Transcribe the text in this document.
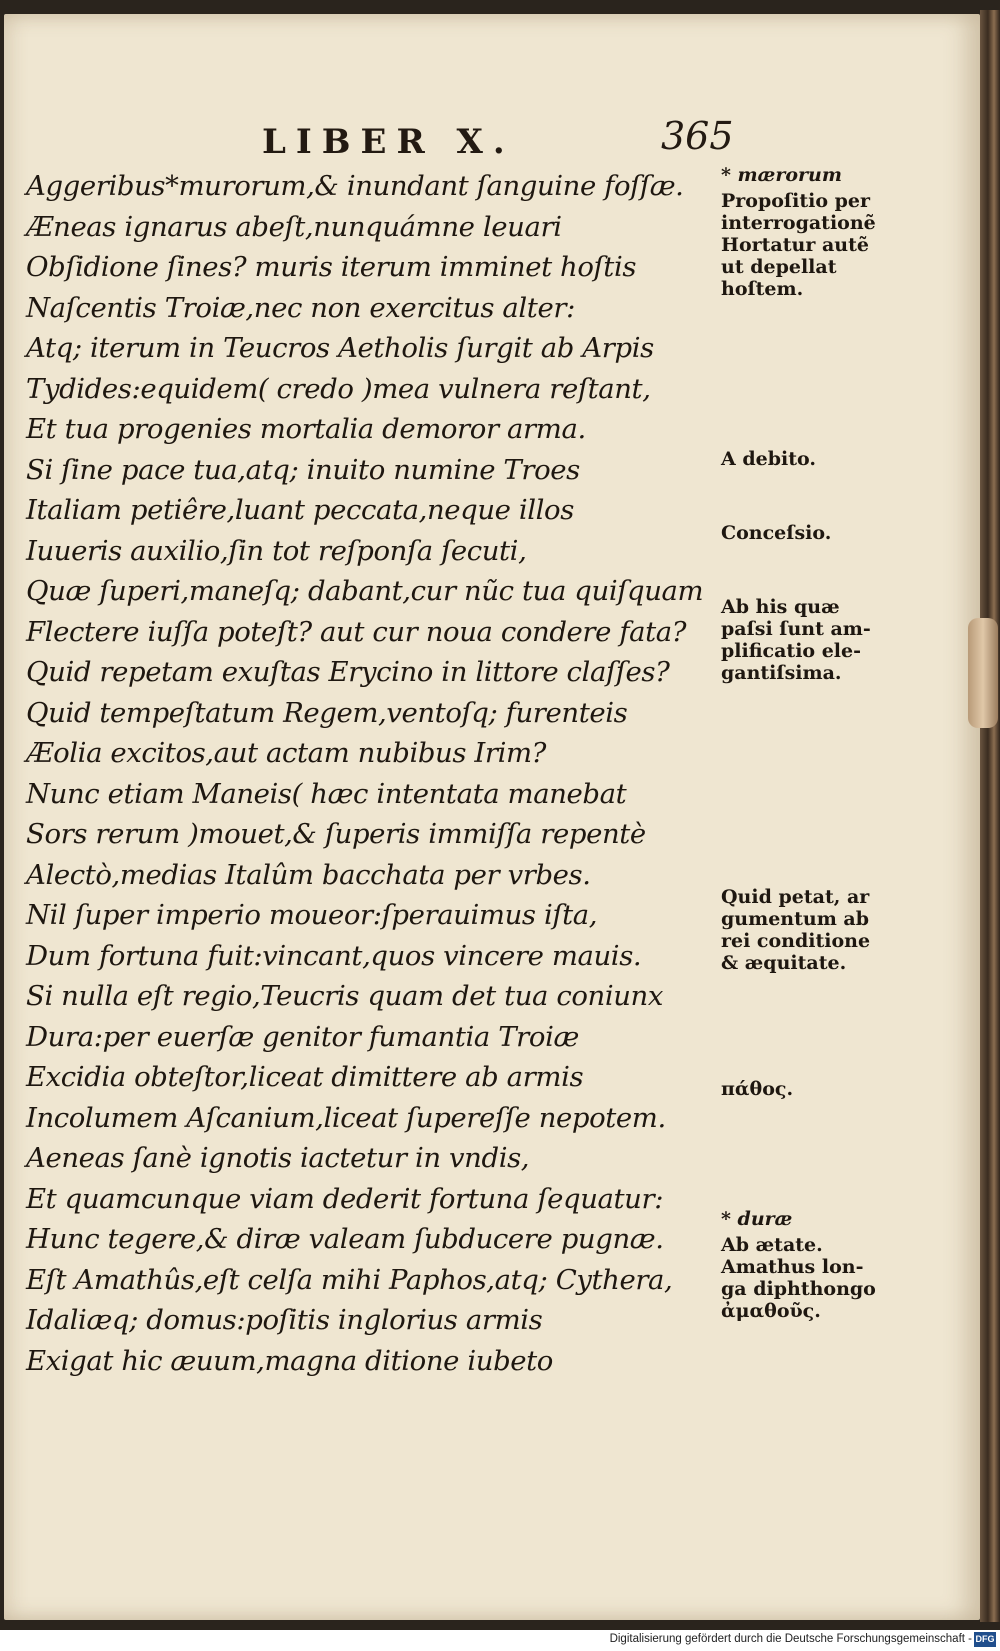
LIBER X.	365
Aggeribus*murorum,& inundant ſanguine foſſæ.
Æneas ignarus abeſt,nunquámne leuari
Obſidione ſines? muris iterum imminet hoſtis
Naſcentis Troiæ,nec non exercitus alter:
Atq; iterum in Teucros Aetholis ſurgit ab Arpis
Tydides:equidem( credo )mea vulnera reſtant,
Et tua progenies mortalia demoror arma.
Si ſine pace tua,atq; inuito numine Troes
Italiam petiêre,luant peccata,neque illos
Iuueris auxilio,ſin tot reſponſa ſecuti,
Quæ ſuperi,maneſq; dabant,cur nũc tua quiſquam
Flectere iuſſa poteſt? aut cur noua condere fata?
Quid repetam exuſtas Erycino in littore claſſes?
Quid tempeſtatum Regem,ventoſq; furenteis
Æolia excitos,aut actam nubibus Irim?
Nunc etiam Maneis( hæc intentata manebat
Sors rerum )mouet,& ſuperis immiſſa repentè
Alectò,medias Italûm bacchata per vrbes.
Nil ſuper imperio moueor:ſperauimus iſta,
Dum fortuna fuit:vincant,quos vincere mauis.
Si nulla eſt regio,Teucris quam det tua coniunx
Dura:per euerſæ genitor fumantia Troiæ
Excidia obteſtor,liceat dimittere ab armis
Incolumem Aſcanium,liceat ſupereſſe nepotem.
Aeneas ſanè ignotis iactetur in vndis,
Et quamcunque viam dederit fortuna ſequatur:
Hunc tegere,& diræ valeam ſubducere pugnæ.
Eſt Amathûs,eſt celſa mihi Paphos,atq; Cythera,
Idaliæq; domus:poſitis inglorius armis
Exigat hic æuum,magna ditione iubeto
* mærorum
Propoſitio per
interrogationẽ
Hortatur autẽ
ut depellat
hoſtem.
A debito.
Conceſsio.
Ab his quæ
paſsi ſunt am-
plificatio ele-
gantiſsima.
Quid petat, ar
gumentum ab
rei conditione
& æquitate.
πάθος.
* duræ
Ab ætate.
Amathus lon-
ga diphthongo
ἀμαθοῦς.
Digitalisierung gefördert durch die Deutsche Forschungsgemeinschaft - DFG
